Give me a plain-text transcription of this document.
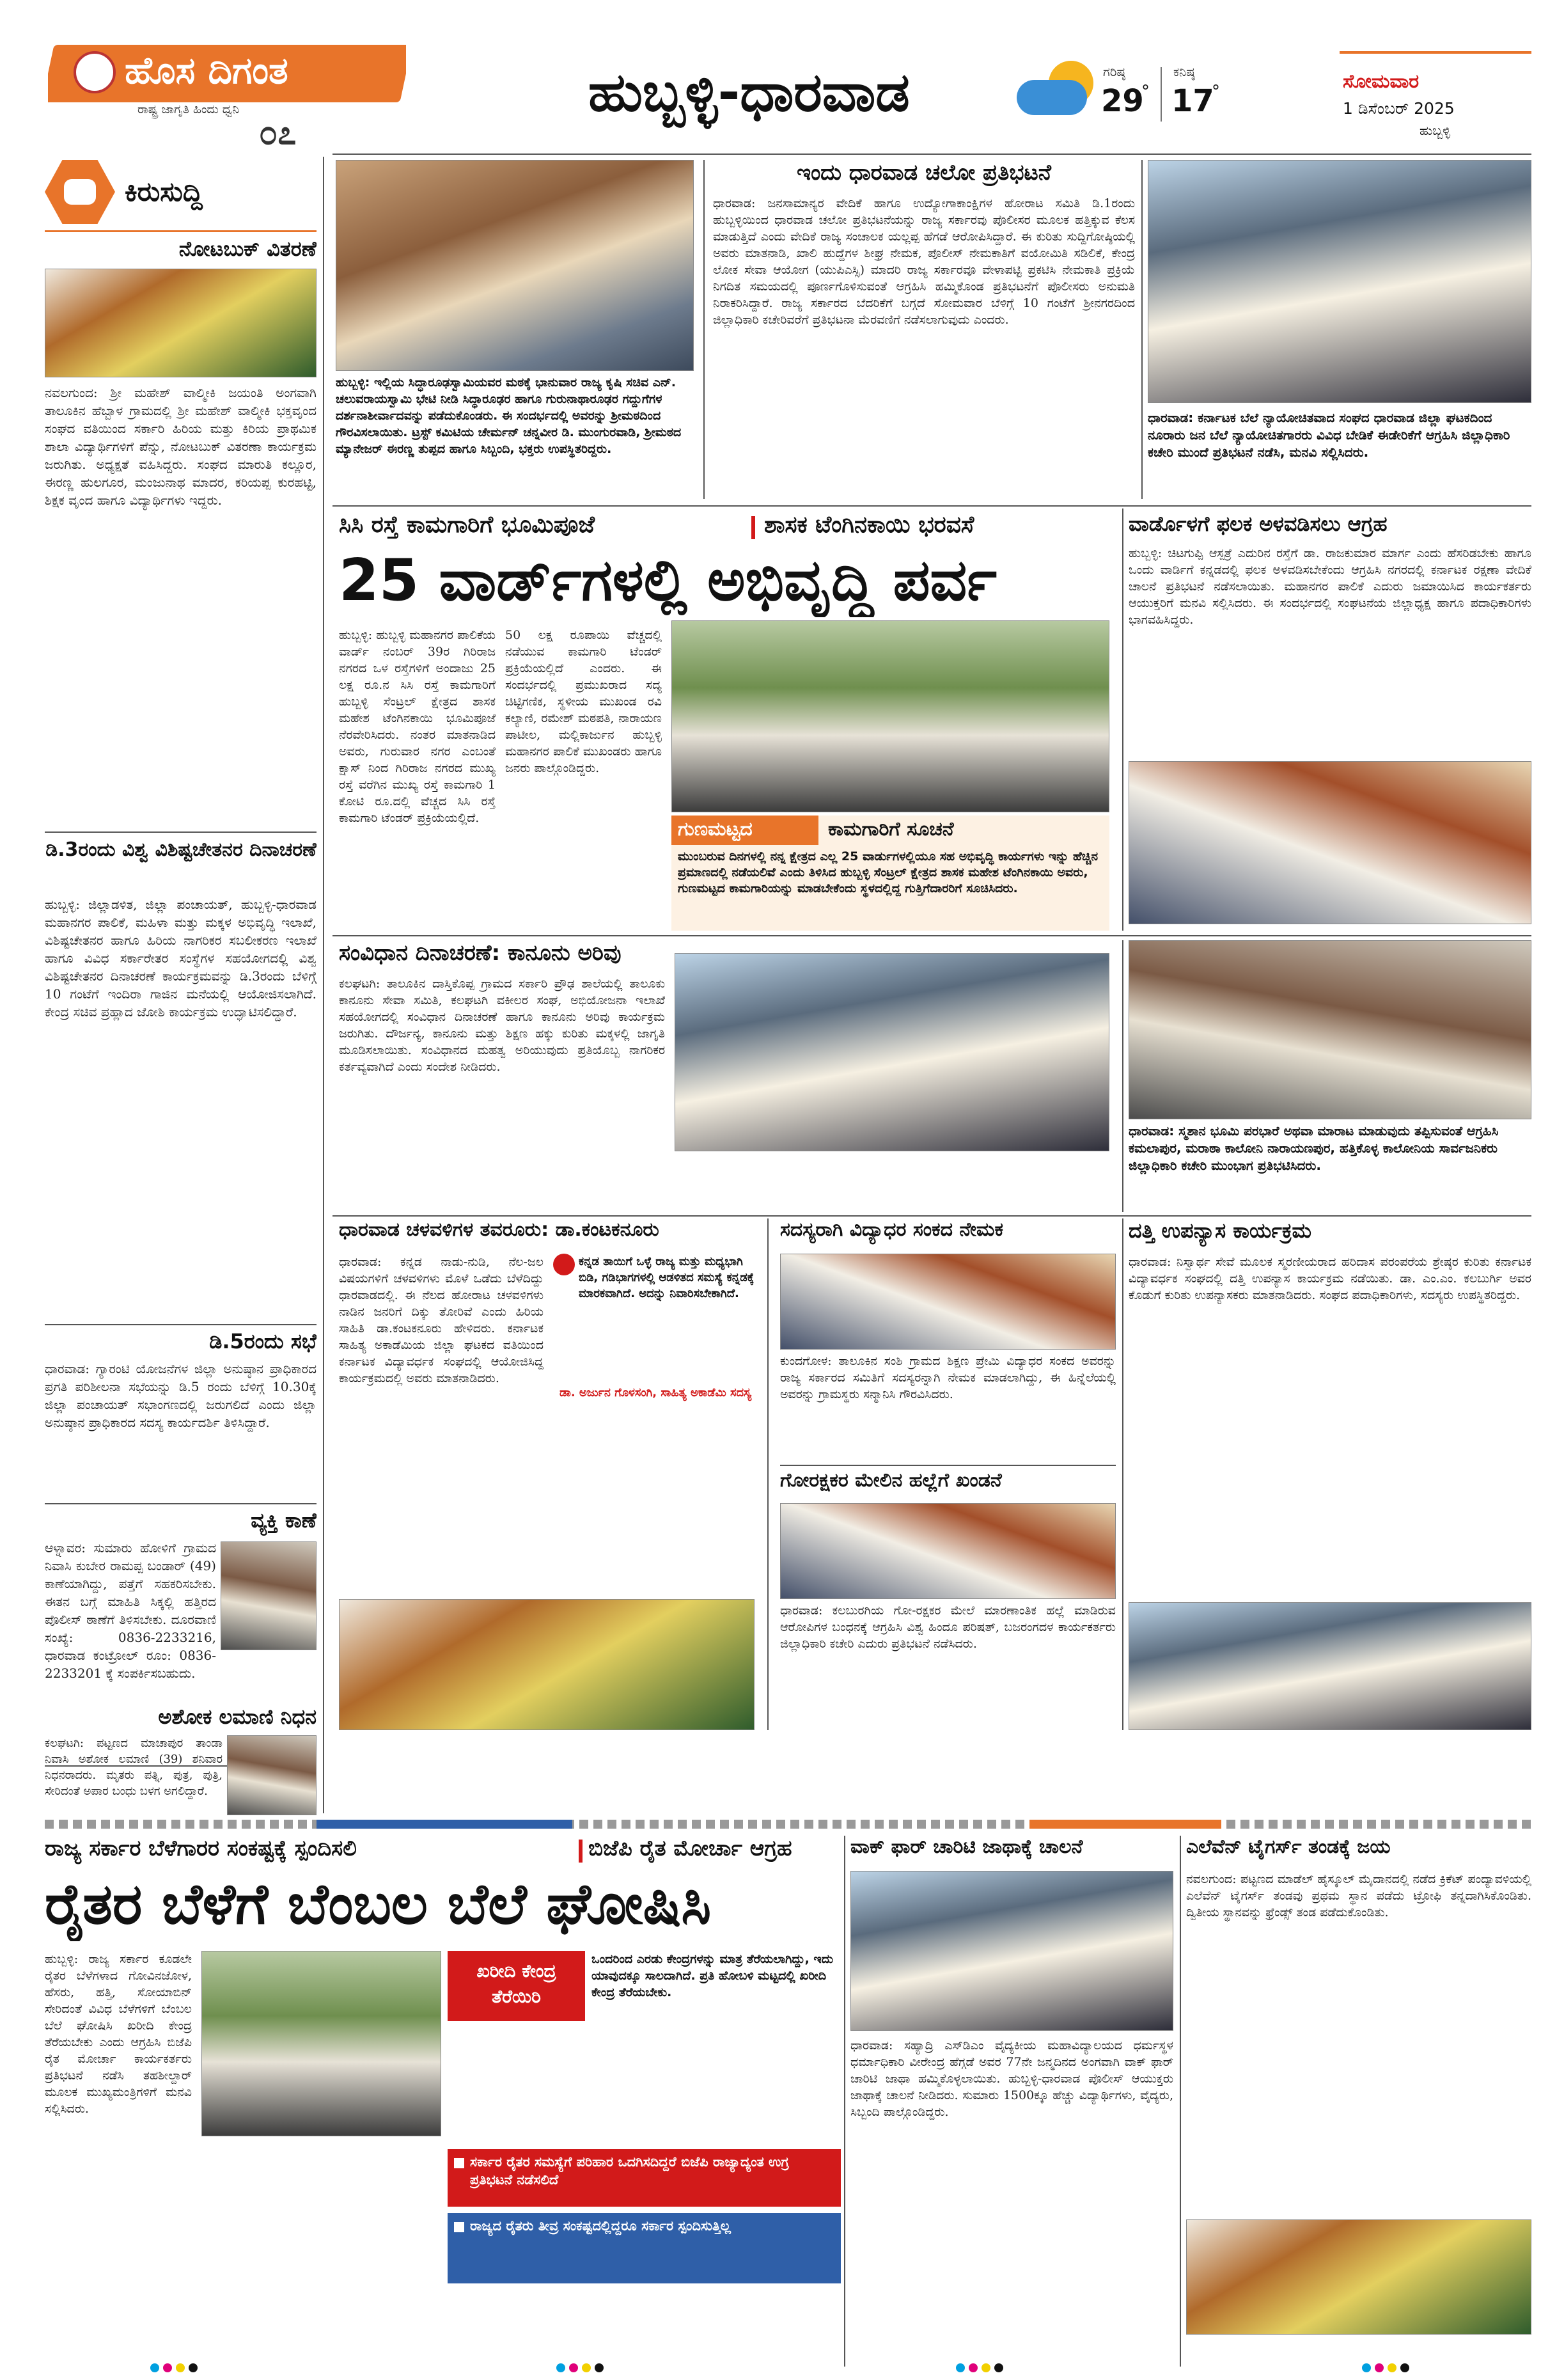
ಹೊಸ ದಿಗಂತ
ರಾಷ್ಟ್ರ ಜಾಗೃತಿ ಹಿಂದು ಧ್ವನಿ
೦೭
ಹುಬ್ಬಳ್ಳಿ-ಧಾರವಾಡ	ಗರಿಷ್ಠ
29
°
ಕನಿಷ್ಠ
17
°	ಸೋಮವಾರ
1 ಡಿಸೆಂಬರ್ 2025
ಹುಬ್ಬಳ್ಳಿ
ಕಿರುಸುದ್ದಿ
ನೋಟಬುಕ್ ವಿತರಣೆ
ನವಲಗುಂದ: ಶ್ರೀ ಮಹೇಶ್ ವಾಲ್ಮೀಕಿ ಜಯಂತಿ ಅಂಗವಾಗಿ ತಾಲೂಕಿನ ಹೆಬ್ಬಾಳ ಗ್ರಾಮದಲ್ಲಿ ಶ್ರೀ ಮಹೇಶ್ ವಾಲ್ಮೀಕಿ ಭಕ್ತವೃಂದ ಸಂಘದ ವತಿಯಿಂದ ಸರ್ಕಾರಿ ಹಿರಿಯ ಮತ್ತು ಕಿರಿಯ ಪ್ರಾಥಮಿಕ ಶಾಲಾ ವಿದ್ಯಾರ್ಥಿಗಳಿಗೆ ಪೆನ್ನು, ನೋಟಬುಕ್ ವಿತರಣಾ ಕಾರ್ಯಕ್ರಮ ಜರುಗಿತು. ಅಧ್ಯಕ್ಷತೆ ವಹಿಸಿದ್ದರು. ಸಂಘದ ಮಾರುತಿ ಕಲ್ಲೂರ, ಈರಣ್ಣ ಹುಲಗೂರ, ಮಂಜುನಾಥ ಮಾದರ, ಕರಿಯಪ್ಪ ಕುರಹಟ್ಟಿ, ಶಿಕ್ಷಕ ವೃಂದ ಹಾಗೂ ವಿದ್ಯಾರ್ಥಿಗಳು ಇದ್ದರು.
ಡಿ.3ರಂದು ವಿಶ್ವ ವಿಶಿಷ್ಟಚೇತನರ ದಿನಾಚರಣೆ
ಹುಬ್ಬಳ್ಳಿ: ಜಿಲ್ಲಾಡಳಿತ, ಜಿಲ್ಲಾ ಪಂಚಾಯತ್, ಹುಬ್ಬಳ್ಳಿ-ಧಾರವಾಡ ಮಹಾನಗರ ಪಾಲಿಕೆ, ಮಹಿಳಾ ಮತ್ತು ಮಕ್ಕಳ ಅಭಿವೃದ್ಧಿ ಇಲಾಖೆ, ವಿಶಿಷ್ಟಚೇತನರ ಹಾಗೂ ಹಿರಿಯ ನಾಗರಿಕರ ಸಬಲೀಕರಣ ಇಲಾಖೆ ಹಾಗೂ ವಿವಿಧ ಸರ್ಕಾರೇತರ ಸಂಸ್ಥೆಗಳ ಸಹಯೋಗದಲ್ಲಿ ವಿಶ್ವ ವಿಶಿಷ್ಟಚೇತನರ ದಿನಾಚರಣೆ ಕಾರ್ಯಕ್ರಮವನ್ನು ಡಿ.3ರಂದು ಬೆಳಿಗ್ಗೆ 10 ಗಂಟೆಗೆ ಇಂದಿರಾ ಗಾಜಿನ ಮನೆಯಲ್ಲಿ ಆಯೋಜಿಸಲಾಗಿದೆ. ಕೇಂದ್ರ ಸಚಿವ ಪ್ರಹ್ಲಾದ ಜೋಶಿ ಕಾರ್ಯಕ್ರಮ ಉದ್ಘಾಟಿಸಲಿದ್ದಾರೆ.
ಡಿ.5ರಂದು ಸಭೆ
ಧಾರವಾಡ: ಗ್ಯಾರಂಟಿ ಯೋಜನೆಗಳ ಜಿಲ್ಲಾ ಅನುಷ್ಠಾನ ಪ್ರಾಧಿಕಾರದ ಪ್ರಗತಿ ಪರಿಶೀಲನಾ ಸಭೆಯನ್ನು ಡಿ.5 ರಂದು ಬೆಳಿಗ್ಗೆ 10.30ಕ್ಕೆ ಜಿಲ್ಲಾ ಪಂಚಾಯತ್ ಸಭಾಂಗಣದಲ್ಲಿ ಜರುಗಲಿದೆ ಎಂದು ಜಿಲ್ಲಾ ಅನುಷ್ಠಾನ ಪ್ರಾಧಿಕಾರದ ಸದಸ್ಯ ಕಾರ್ಯದರ್ಶಿ ತಿಳಿಸಿದ್ದಾರೆ.
ವ್ಯಕ್ತಿ ಕಾಣೆ
ಆಳ್ನಾವರ: ಸುಮಾರು ಹೋಳಿಗೆ ಗ್ರಾಮದ ನಿವಾಸಿ ಕುಬೇರ ರಾಮಪ್ಪ ಬಂಡಾರ್ (49) ಕಾಣೆಯಾಗಿದ್ದು, ಪತ್ತೆಗೆ ಸಹಕರಿಸಬೇಕು. ಈತನ ಬಗ್ಗೆ ಮಾಹಿತಿ ಸಿಕ್ಕಲ್ಲಿ ಹತ್ತಿರದ ಪೊಲೀಸ್ ಠಾಣೆಗೆ ತಿಳಿಸಬೇಕು. ದೂರವಾಣಿ ಸಂಖ್ಯೆ: 0836-2233216, ಧಾರವಾಡ ಕಂಟ್ರೋಲ್ ರೂಂ: 0836-2233201 ಕ್ಕೆ ಸಂಪರ್ಕಿಸಬಹುದು.
ಅಶೋಕ ಲಮಾಣಿ ನಿಧನ
ಕಲಘಟಗಿ: ಪಟ್ಟಣದ ಮಾಚಾಪುರ ತಾಂಡಾ ನಿವಾಸಿ ಅಶೋಕ ಲಮಾಣಿ (39) ಶನಿವಾರ ನಿಧನರಾದರು. ಮೃತರು ಪತ್ನಿ, ಪುತ್ರ, ಪುತ್ರಿ, ಸೇರಿದಂತೆ ಅಪಾರ ಬಂಧು ಬಳಗ ಅಗಲಿದ್ದಾರೆ.
ಹುಬ್ಬಳ್ಳಿ: ಇಲ್ಲಿಯ ಸಿದ್ಧಾರೂಢಸ್ವಾಮಿಯವರ ಮಠಕ್ಕೆ ಭಾನುವಾರ ರಾಜ್ಯ ಕೃಷಿ ಸಚಿವ ಎನ್. ಚಲುವರಾಯಸ್ವಾಮಿ ಭೇಟಿ ನೀಡಿ ಸಿದ್ಧಾರೂಢರ ಹಾಗೂ ಗುರುನಾಥಾರೂಢರ ಗದ್ದುಗೆಗಳ ದರ್ಶನಾಶೀರ್ವಾದವನ್ನು ಪಡೆದುಕೊಂಡರು. ಈ ಸಂದರ್ಭದಲ್ಲಿ ಅವರನ್ನು ಶ್ರೀಮಠದಿಂದ ಗೌರವಿಸಲಾಯಿತು. ಟ್ರಸ್ಟ್ ಕಮಿಟಿಯ ಚೇರ್ಮನ್ ಚನ್ನವೀರ ಡಿ. ಮುಂಗುರವಾಡಿ, ಶ್ರೀಮಠದ ಮ್ಯಾನೇಜರ್ ಈರಣ್ಣ ತುಪ್ಪದ ಹಾಗೂ ಸಿಬ್ಬಂದಿ, ಭಕ್ತರು ಉಪಸ್ಥಿತರಿದ್ದರು.
ಇಂದು ಧಾರವಾಡ ಚಲೋ ಪ್ರತಿಭಟನೆ
ಧಾರವಾಡ: ಜನಸಾಮಾನ್ಯರ ವೇದಿಕೆ ಹಾಗೂ ಉದ್ಯೋಗಾಕಾಂಕ್ಷಿಗಳ ಹೋರಾಟ ಸಮಿತಿ ಡಿ.1ರಂದು ಹುಬ್ಬಳ್ಳಿಯಿಂದ ಧಾರವಾಡ ಚಲೋ ಪ್ರತಿಭಟನೆಯನ್ನು ರಾಜ್ಯ ಸರ್ಕಾರವು ಪೊಲೀಸರ ಮೂಲಕ ಹತ್ತಿಕ್ಕುವ ಕೆಲಸ ಮಾಡುತ್ತಿದೆ ಎಂದು ವೇದಿಕೆ ರಾಜ್ಯ ಸಂಚಾಲಕ ಯಲ್ಲಪ್ಪ ಹೆಗಡೆ ಆರೋಪಿಸಿದ್ದಾರೆ. ಈ ಕುರಿತು ಸುದ್ದಿಗೋಷ್ಠಿಯಲ್ಲಿ ಅವರು ಮಾತನಾಡಿ, ಖಾಲಿ ಹುದ್ದೆಗಳ ಶೀಘ್ರ ನೇಮಕ, ಪೊಲೀಸ್ ನೇಮಕಾತಿಗೆ ವಯೋಮಿತಿ ಸಡಿಲಿಕೆ, ಕೇಂದ್ರ ಲೋಕ ಸೇವಾ ಆಯೋಗ (ಯುಪಿಎಸ್ಸಿ) ಮಾದರಿ ರಾಜ್ಯ ಸರ್ಕಾರವೂ ವೇಳಾಪಟ್ಟಿ ಪ್ರಕಟಿಸಿ ನೇಮಕಾತಿ ಪ್ರಕ್ರಿಯೆ ನಿಗದಿತ ಸಮಯದಲ್ಲಿ ಪೂರ್ಣಗೊಳಿಸುವಂತೆ ಆಗ್ರಹಿಸಿ ಹಮ್ಮಿಕೊಂಡ ಪ್ರತಿಭಟನೆಗೆ ಪೊಲೀಸರು ಅನುಮತಿ ನಿರಾಕರಿಸಿದ್ದಾರೆ. ರಾಜ್ಯ ಸರ್ಕಾರದ ಬೆದರಿಕೆಗೆ ಬಗ್ಗದೆ ಸೋಮವಾರ ಬೆಳಿಗ್ಗೆ 10 ಗಂಟೆಗೆ ಶ್ರೀನಗರದಿಂದ ಜಿಲ್ಲಾಧಿಕಾರಿ ಕಚೇರಿವರೆಗೆ ಪ್ರತಿಭಟನಾ ಮೆರವಣಿಗೆ ನಡೆಸಲಾಗುವುದು ಎಂದರು.
ಧಾರವಾಡ: ಕರ್ನಾಟಕ ಬೆಲೆ ನ್ಯಾಯೋಚಿತವಾದ ಸಂಘದ ಧಾರವಾಡ ಜಿಲ್ಲಾ ಘಟಕದಿಂದ ನೂರಾರು ಜನ ಬೆಲೆ ನ್ಯಾಯೋಚಿತಗಾರರು ವಿವಿಧ ಬೇಡಿಕೆ ಈಡೇರಿಕೆಗೆ ಆಗ್ರಹಿಸಿ ಜಿಲ್ಲಾಧಿಕಾರಿ ಕಚೇರಿ ಮುಂದೆ ಪ್ರತಿಭಟನೆ ನಡೆಸಿ, ಮನವಿ ಸಲ್ಲಿಸಿದರು.
ಸಿಸಿ ರಸ್ತೆ ಕಾಮಗಾರಿಗೆ ಭೂಮಿಪೂಜೆ	ಶಾಸಕ ಟೆಂಗಿನಕಾಯಿ ಭರವಸೆ
25 ವಾರ್ಡ್‌ಗಳಲ್ಲಿ ಅಭಿವೃದ್ಧಿ ಪರ್ವ
ಹುಬ್ಬಳ್ಳಿ: ಹುಬ್ಬಳ್ಳಿ ಮಹಾನಗರ ಪಾಲಿಕೆಯ ವಾರ್ಡ್ ನಂಬರ್ 39ರ ಗಿರಿರಾಜ ನಗರದ ಒಳ ರಸ್ತೆಗಳಿಗೆ ಅಂದಾಜು 25 ಲಕ್ಷ ರೂ.ನ ಸಿಸಿ ರಸ್ತೆ ಕಾಮಗಾರಿಗೆ ಹುಬ್ಬಳ್ಳಿ ಸೆಂಟ್ರಲ್ ಕ್ಷೇತ್ರದ ಶಾಸಕ ಮಹೇಶ ಟೆಂಗಿನಕಾಯಿ ಭೂಮಿಪೂಜೆ ನೆರವೇರಿಸಿದರು. ನಂತರ ಮಾತನಾಡಿದ ಅವರು, ಗುರುವಾರ ನಗರ ಎಂಬಂತೆ ಕ್ಷಾಸ್ ನಿಂದ ಗಿರಿರಾಜ ನಗರದ ಮುಖ್ಯ ರಸ್ತೆ ವರೆಗಿನ ಮುಖ್ಯ ರಸ್ತೆ ಕಾಮಗಾರಿ 1 ಕೋಟಿ ರೂ.ದಲ್ಲಿ ವೆಚ್ಚದ ಸಿಸಿ ರಸ್ತೆ ಕಾಮಗಾರಿ ಟೆಂಡರ್ ಪ್ರಕ್ರಿಯೆಯಲ್ಲಿದೆ.
50 ಲಕ್ಷ ರೂಪಾಯಿ ವೆಚ್ಚದಲ್ಲಿ ನಡೆಯುವ ಕಾಮಗಾರಿ ಟೆಂಡರ್ ಪ್ರಕ್ರಿಯೆಯಲ್ಲಿದೆ ಎಂದರು. ಈ ಸಂದರ್ಭದಲ್ಲಿ ಪ್ರಮುಖರಾದ ಸದ್ಯ ಚಿಟ್ಟಿಗಣಿಕ, ಸ್ಥಳೀಯ ಮುಖಂಡ ರವಿ ಕಲ್ಯಾಣಿ, ರಮೇಶ್ ಮಠಪತಿ, ನಾರಾಯಣ ಪಾಟೀಲ, ಮಲ್ಲಿಕಾರ್ಜುನ ಹುಬ್ಬಳ್ಳಿ ಮಹಾನಗರ ಪಾಲಿಕೆ ಮುಖಂಡರು ಹಾಗೂ ಜನರು ಪಾಲ್ಗೊಂಡಿದ್ದರು.
ಗುಣಮಟ್ಟದ	ಕಾಮಗಾರಿಗೆ ಸೂಚನೆ
ಮುಂಬರುವ ದಿನಗಳಲ್ಲಿ ನನ್ನ ಕ್ಷೇತ್ರದ ಎಲ್ಲ 25 ವಾರ್ಡುಗಳಲ್ಲಿಯೂ ಸಹ ಅಭಿವೃದ್ಧಿ ಕಾರ್ಯಗಳು ಇನ್ನು ಹೆಚ್ಚಿನ ಪ್ರಮಾಣದಲ್ಲಿ ನಡೆಯಲಿವೆ ಎಂದು ತಿಳಿಸಿದ ಹುಬ್ಬಳ್ಳಿ ಸೆಂಟ್ರಲ್ ಕ್ಷೇತ್ರದ ಶಾಸಕ ಮಹೇಶ ಟೆಂಗಿನಕಾಯಿ ಅವರು, ಗುಣಮಟ್ಟದ ಕಾಮಗಾರಿಯನ್ನು ಮಾಡಬೇಕೆಂದು ಸ್ಥಳದಲ್ಲಿದ್ದ ಗುತ್ತಿಗೆದಾರರಿಗೆ ಸೂಚಿಸಿದರು.
ವಾರ್ಡೊಳಗೆ ಫಲಕ ಅಳವಡಿಸಲು ಆಗ್ರಹ
ಹುಬ್ಬಳ್ಳಿ: ಚಿಟಗುಪ್ಪಿ ಆಸ್ಪತ್ರೆ ಎದುರಿನ ರಸ್ತೆಗೆ ಡಾ. ರಾಜಕುಮಾರ ಮಾರ್ಗ ಎಂದು ಹೆಸರಿಡಬೇಕು ಹಾಗೂ ಒಂದು ವಾರ್ಡಿಗೆ ಕನ್ನಡದಲ್ಲಿ ಫಲಕ ಅಳವಡಿಸಬೇಕೆಂದು ಆಗ್ರಹಿಸಿ ನಗರದಲ್ಲಿ ಕರ್ನಾಟಕ ರಕ್ಷಣಾ ವೇದಿಕೆ ಚಾಲನೆ ಪ್ರತಿಭಟನೆ ನಡೆಸಲಾಯಿತು. ಮಹಾನಗರ ಪಾಲಿಕೆ ಎದುರು ಜಮಾಯಿಸಿದ ಕಾರ್ಯಕರ್ತರು ಆಯುಕ್ತರಿಗೆ ಮನವಿ ಸಲ್ಲಿಸಿದರು. ಈ ಸಂದರ್ಭದಲ್ಲಿ ಸಂಘಟನೆಯ ಜಿಲ್ಲಾಧ್ಯಕ್ಷ ಹಾಗೂ ಪದಾಧಿಕಾರಿಗಳು ಭಾಗವಹಿಸಿದ್ದರು.
ಸಂವಿಧಾನ ದಿನಾಚರಣೆ: ಕಾನೂನು ಅರಿವು
ಕಲಘಟಗಿ: ತಾಲೂಕಿನ ದಾಸ್ತಿಕೊಪ್ಪ ಗ್ರಾಮದ ಸರ್ಕಾರಿ ಪ್ರೌಢ ಶಾಲೆಯಲ್ಲಿ ತಾಲೂಕು ಕಾನೂನು ಸೇವಾ ಸಮಿತಿ, ಕಲಘಟಗಿ ವಕೀಲರ ಸಂಘ, ಅಭಿಯೋಜನಾ ಇಲಾಖೆ ಸಹಯೋಗದಲ್ಲಿ ಸಂವಿಧಾನ ದಿನಾಚರಣೆ ಹಾಗೂ ಕಾನೂನು ಅರಿವು ಕಾರ್ಯಕ್ರಮ ಜರುಗಿತು. ದೌರ್ಜನ್ಯ, ಕಾನೂನು ಮತ್ತು ಶಿಕ್ಷಣ ಹಕ್ಕು ಕುರಿತು ಮಕ್ಕಳಲ್ಲಿ ಜಾಗೃತಿ ಮೂಡಿಸಲಾಯಿತು. ಸಂವಿಧಾನದ ಮಹತ್ವ ಅರಿಯುವುದು ಪ್ರತಿಯೊಬ್ಬ ನಾಗರಿಕರ ಕರ್ತವ್ಯವಾಗಿದೆ ಎಂದು ಸಂದೇಶ ನೀಡಿದರು.
ಧಾರವಾಡ: ಸ್ಮಶಾನ ಭೂಮಿ ಪರಭಾರೆ ಅಥವಾ ಮಾರಾಟ ಮಾಡುವುದು ತಪ್ಪಿಸುವಂತೆ ಆಗ್ರಹಿಸಿ ಕಮಲಾಪುರ, ಮರಾಠಾ ಕಾಲೋನಿ ನಾರಾಯಣಪುರ, ಹತ್ತಿಕೊಳ್ಳ ಕಾಲೋನಿಯ ಸಾರ್ವಜನಿಕರು ಜಿಲ್ಲಾಧಿಕಾರಿ ಕಚೇರಿ ಮುಂಭಾಗ ಪ್ರತಿಭಟಿಸಿದರು.
ಧಾರವಾಡ ಚಳವಳಿಗಳ ತವರೂರು: ಡಾ.ಕಂಟಕನೂರು
ಧಾರವಾಡ: ಕನ್ನಡ ನಾಡು-ನುಡಿ, ನೆಲ-ಜಲ ವಿಷಯಗಳಿಗೆ ಚಳವಳಿಗಳು ಮೊಳೆ ಒಡೆದು ಬೆಳೆದಿದ್ದು ಧಾರವಾಡದಲ್ಲಿ. ಈ ನೆಲದ ಹೋರಾಟ ಚಳವಳಿಗಳು ನಾಡಿನ ಜನರಿಗೆ ದಿಕ್ಕು ತೋರಿವೆ ಎಂದು ಹಿರಿಯ ಸಾಹಿತಿ ಡಾ.ಕಂಟಕನೂರು ಹೇಳಿದರು. ಕರ್ನಾಟಕ ಸಾಹಿತ್ಯ ಅಕಾಡೆಮಿಯ ಜಿಲ್ಲಾ ಘಟಕದ ವತಿಯಿಂದ ಕರ್ನಾಟಕ ವಿದ್ಯಾವರ್ಧಕ ಸಂಘದಲ್ಲಿ ಆಯೋಜಿಸಿದ್ದ ಕಾರ್ಯಕ್ರಮದಲ್ಲಿ ಅವರು ಮಾತನಾಡಿದರು.
ಕನ್ನಡ ತಾಯಿಗೆ ಒಳ್ಳೆ ರಾಜ್ಯ ಮತ್ತು ಮಧ್ಯಭಾಗಿ ಬಿಡಿ, ಗಡಿಭಾಗಗಳಲ್ಲಿ ಆಡಳಿತದ ಸಮಸ್ಯೆ ಕನ್ನಡಕ್ಕೆ ಮಾರಕವಾಗಿದೆ. ಅದನ್ನು ನಿವಾರಿಸಬೇಕಾಗಿದೆ.
ಡಾ. ಅರ್ಜುನ ಗೊಳಸಂಗಿ, ಸಾಹಿತ್ಯ ಅಕಾಡೆಮಿ ಸದಸ್ಯ
ಸದಸ್ಯರಾಗಿ ವಿದ್ಯಾಧರ ಸಂಕದ ನೇಮಕ
ಕುಂದಗೋಳ: ತಾಲೂಕಿನ ಸಂಶಿ ಗ್ರಾಮದ ಶಿಕ್ಷಣ ಪ್ರೇಮಿ ವಿದ್ಯಾಧರ ಸಂಕದ ಅವರನ್ನು ರಾಜ್ಯ ಸರ್ಕಾರದ ಸಮಿತಿಗೆ ಸದಸ್ಯರನ್ನಾಗಿ ನೇಮಕ ಮಾಡಲಾಗಿದ್ದು, ಈ ಹಿನ್ನೆಲೆಯಲ್ಲಿ ಅವರನ್ನು ಗ್ರಾಮಸ್ಥರು ಸನ್ಮಾನಿಸಿ ಗೌರವಿಸಿದರು.
ಗೋರಕ್ಷಕರ ಮೇಲಿನ ಹಲ್ಲೆಗೆ ಖಂಡನೆ
ಧಾರವಾಡ: ಕಲಬುರಗಿಯ ಗೋ-ರಕ್ಷಕರ ಮೇಲೆ ಮಾರಣಾಂತಿಕ ಹಲ್ಲೆ ಮಾಡಿರುವ ಆರೋಪಿಗಳ ಬಂಧನಕ್ಕೆ ಆಗ್ರಹಿಸಿ ವಿಶ್ವ ಹಿಂದೂ ಪರಿಷತ್, ಬಜರಂಗದಳ ಕಾರ್ಯಕರ್ತರು ಜಿಲ್ಲಾಧಿಕಾರಿ ಕಚೇರಿ ಎದುರು ಪ್ರತಿಭಟನೆ ನಡೆಸಿದರು.
ದತ್ತಿ ಉಪನ್ಯಾಸ ಕಾರ್ಯಕ್ರಮ
ಧಾರವಾಡ: ನಿಸ್ವಾರ್ಥ ಸೇವೆ ಮೂಲಕ ಸ್ಮರಣೀಯರಾದ ಹರಿದಾಸ ಪರಂಪರೆಯ ಶ್ರೇಷ್ಠರ ಕುರಿತು ಕರ್ನಾಟಕ ವಿದ್ಯಾವರ್ಧಕ ಸಂಘದಲ್ಲಿ ದತ್ತಿ ಉಪನ್ಯಾಸ ಕಾರ್ಯಕ್ರಮ ನಡೆಯಿತು. ಡಾ. ಎಂ.ಎಂ. ಕಲಬುರ್ಗಿ ಅವರ ಕೊಡುಗೆ ಕುರಿತು ಉಪನ್ಯಾಸಕರು ಮಾತನಾಡಿದರು. ಸಂಘದ ಪದಾಧಿಕಾರಿಗಳು, ಸದಸ್ಯರು ಉಪಸ್ಥಿತರಿದ್ದರು.
ರಾಜ್ಯ ಸರ್ಕಾರ ಬೆಳೆಗಾರರ ಸಂಕಷ್ಟಕ್ಕೆ ಸ್ಪಂದಿಸಲಿ	ಬಿಜೆಪಿ ರೈತ ಮೋರ್ಚಾ ಆಗ್ರಹ
ರೈತರ ಬೆಳೆಗೆ ಬೆಂಬಲ ಬೆಲೆ ಘೋಷಿಸಿ
ಹುಬ್ಬಳ್ಳಿ: ರಾಜ್ಯ ಸರ್ಕಾರ ಕೂಡಲೇ ರೈತರ ಬೆಳೆಗಳಾದ ಗೋವಿನಜೋಳ, ಹೆಸರು, ಹತ್ತಿ, ಸೋಯಾಬಿನ್ ಸೇರಿದಂತೆ ವಿವಿಧ ಬೆಳೆಗಳಿಗೆ ಬೆಂಬಲ ಬೆಲೆ ಘೋಷಿಸಿ ಖರೀದಿ ಕೇಂದ್ರ ತೆರೆಯಬೇಕು ಎಂದು ಆಗ್ರಹಿಸಿ ಬಿಜೆಪಿ ರೈತ ಮೋರ್ಚಾ ಕಾರ್ಯಕರ್ತರು ಪ್ರತಿಭಟನೆ ನಡೆಸಿ ತಹಶೀಲ್ದಾರ್ ಮೂಲಕ ಮುಖ್ಯಮಂತ್ರಿಗಳಿಗೆ ಮನವಿ ಸಲ್ಲಿಸಿದರು.
ಖರೀದಿ ಕೇಂದ್ರ ತೆರೆಯಿರಿ
ಒಂದರಿಂದ ಎರಡು ಕೇಂದ್ರಗಳನ್ನು ಮಾತ್ರ ತೆರೆಯಲಾಗಿದ್ದು, ಇದು ಯಾವುದಕ್ಕೂ ಸಾಲದಾಗಿದೆ. ಪ್ರತಿ ಹೋಬಳಿ ಮಟ್ಟದಲ್ಲಿ ಖರೀದಿ ಕೇಂದ್ರ ತೆರೆಯಬೇಕು.
ಸರ್ಕಾರ ರೈತರ ಸಮಸ್ಯೆಗೆ ಪರಿಹಾರ ಒದಗಿಸದಿದ್ದರೆ ಬಿಜೆಪಿ ರಾಜ್ಯಾದ್ಯಂತ ಉಗ್ರ ಪ್ರತಿಭಟನೆ ನಡೆಸಲಿದೆ
ರಾಜ್ಯದ ರೈತರು ತೀವ್ರ ಸಂಕಷ್ಟದಲ್ಲಿದ್ದರೂ ಸರ್ಕಾರ ಸ್ಪಂದಿಸುತ್ತಿಲ್ಲ
ವಾಕ್ ಫಾರ್ ಚಾರಿಟಿ ಜಾಥಾಕ್ಕೆ ಚಾಲನೆ
ಧಾರವಾಡ: ಸಹ್ಯಾದ್ರಿ ಎಸ್‌ಡಿಎಂ ವೈದ್ಯಕೀಯ ಮಹಾವಿದ್ಯಾಲಯದ ಧರ್ಮಸ್ಥಳ ಧರ್ಮಾಧಿಕಾರಿ ವೀರೇಂದ್ರ ಹೆಗ್ಗಡೆ ಅವರ 77ನೇ ಜನ್ಮದಿನದ ಅಂಗವಾಗಿ ವಾಕ್ ಫಾರ್ ಚಾರಿಟಿ ಜಾಥಾ ಹಮ್ಮಿಕೊಳ್ಳಲಾಯಿತು. ಹುಬ್ಬಳ್ಳಿ-ಧಾರವಾಡ ಪೊಲೀಸ್ ಆಯುಕ್ತರು ಜಾಥಾಕ್ಕೆ ಚಾಲನೆ ನೀಡಿದರು. ಸುಮಾರು 1500ಕ್ಕೂ ಹೆಚ್ಚು ವಿದ್ಯಾರ್ಥಿಗಳು, ವೈದ್ಯರು, ಸಿಬ್ಬಂದಿ ಪಾಲ್ಗೊಂಡಿದ್ದರು.
ಎಲೆವೆನ್ ಟೈಗರ್ಸ್ ತಂಡಕ್ಕೆ ಜಯ
ನವಲಗುಂದ: ಪಟ್ಟಣದ ಮಾಡೆಲ್ ಹೈಸ್ಕೂಲ್ ಮೈದಾನದಲ್ಲಿ ನಡೆದ ಕ್ರಿಕೆಟ್ ಪಂದ್ಯಾವಳಿಯಲ್ಲಿ ಎಲೆವೆನ್ ಟೈಗರ್ಸ್ ತಂಡವು ಪ್ರಥಮ ಸ್ಥಾನ ಪಡೆದು ಟ್ರೋಫಿ ತನ್ನದಾಗಿಸಿಕೊಂಡಿತು. ದ್ವಿತೀಯ ಸ್ಥಾನವನ್ನು ಫ್ರೆಂಡ್ಸ್ ತಂಡ ಪಡೆದುಕೊಂಡಿತು.
